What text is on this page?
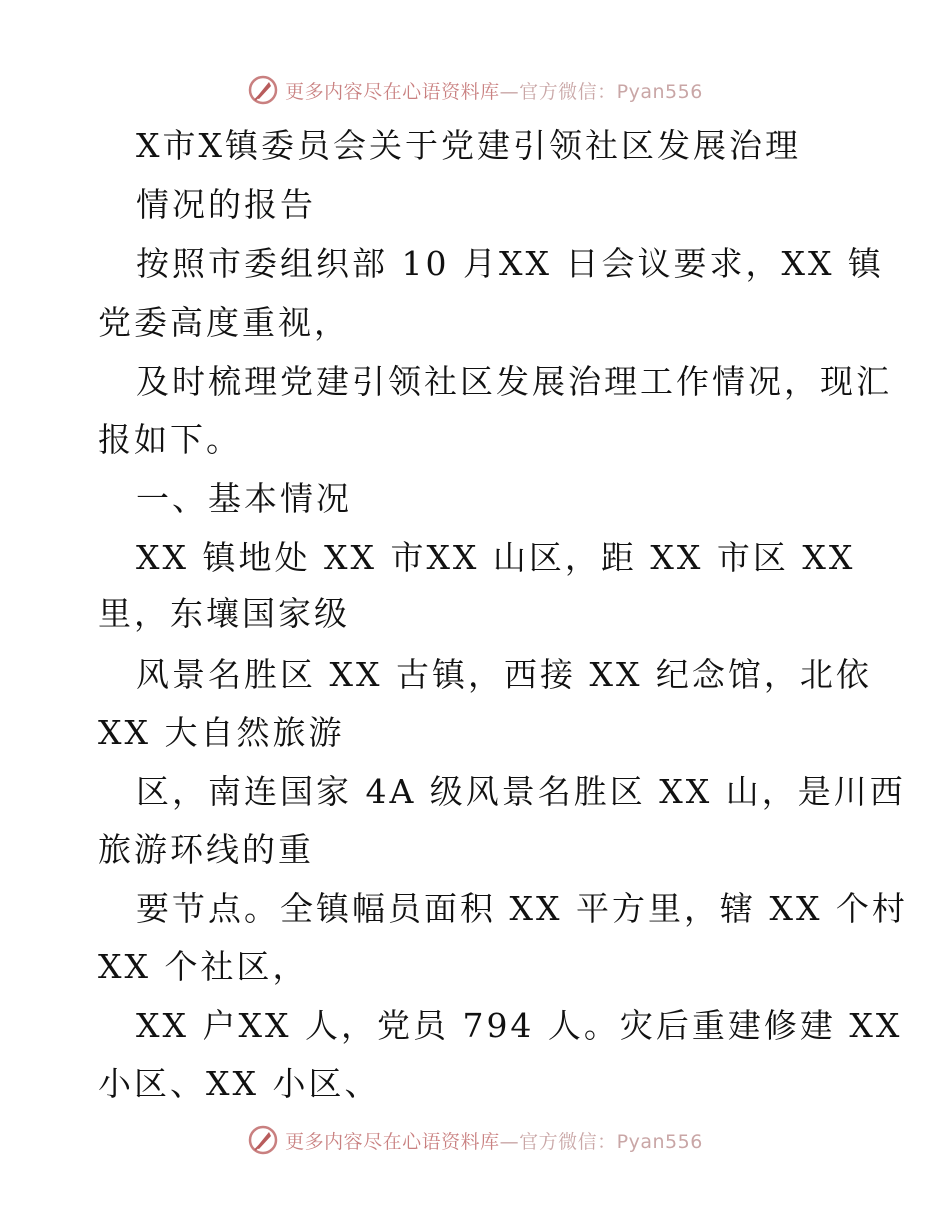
更多内容尽在心语资料库—官方微信：Pyan556
X市X镇委员会关于党建引领社区发展治理
情况的报告
按照市委组织部 10 月XX 日会议要求，XX 镇
党委高度重视，
及时梳理党建引领社区发展治理工作情况，现汇
报如下。
一、基本情况
XX 镇地处 XX 市XX 山区，距 XX 市区 XX
里，东壤国家级
风景名胜区 XX 古镇，西接 XX 纪念馆，北依
XX 大自然旅游
区，南连国家 4A 级风景名胜区 XX 山，是川西
旅游环线的重
要节点。全镇幅员面积 XX 平方里，辖 XX 个村
XX 个社区，
XX 户XX 人，党员 794 人。灾后重建修建 XX
小区、XX 小区、
更多内容尽在心语资料库—官方微信：Pyan556
